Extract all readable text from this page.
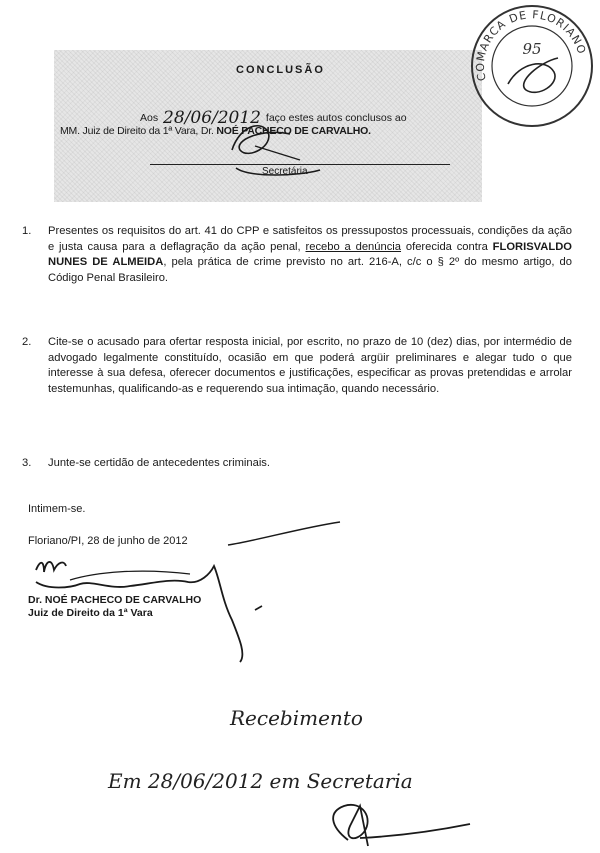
CONCLUSÃO
Aos 28/06/2012 faço estes autos conclusos ao
MM. Juiz de Direito da 1ª Vara, Dr. NOÉ PACHECO DE CARVALHO.
Secretária
COMARCA DE FLORIANO
95
1. Presentes os requisitos do art. 41 do CPP e satisfeitos os pressupostos processuais, condições da ação e justa causa para a deflagração da ação penal, recebo a denúncia oferecida contra FLORISVALDO NUNES DE ALMEIDA, pela prática de crime previsto no art. 216-A, c/c o § 2º do mesmo artigo, do Código Penal Brasileiro.
2. Cite-se o acusado para ofertar resposta inicial, por escrito, no prazo de 10 (dez) dias, por intermédio de advogado legalmente constituído, ocasião em que poderá argüir preliminares e alegar tudo o que interesse à sua defesa, oferecer documentos e justificações, especificar as provas pretendidas e arrolar testemunhas, qualificando-as e requerendo sua intimação, quando necessário.
3. Junte-se certidão de antecedentes criminais.
Intimem-se.
Floriano/PI, 28 de junho de 2012
Dr. NOÉ PACHECO DE CARVALHO
Juiz de Direito da 1ª Vara
Recebimento
Em 28/06/2012 em Secretaria
